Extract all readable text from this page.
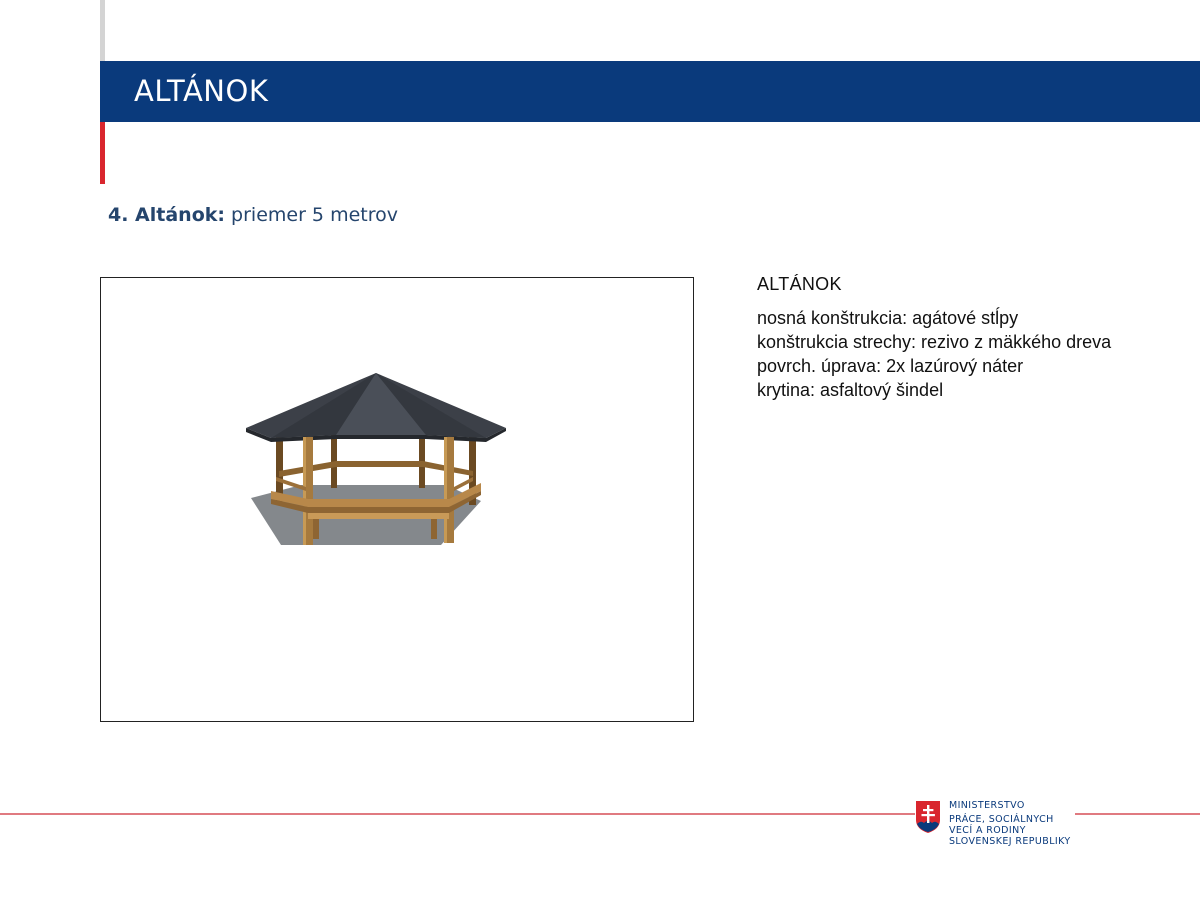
ALTÁNOK
4. Altánok: priemer 5 metrov
ALTÁNOK
nosná konštrukcia: agátové stĺpy
konštrukcia strechy: rezivo z mäkkého dreva
povrch. úprava: 2x lazúrový náter
krytina: asfaltový šindel
MINISTERSTVO
PRÁCE, SOCIÁLNYCH
VECÍ A RODINY
SLOVENSKEJ REPUBLIKY
